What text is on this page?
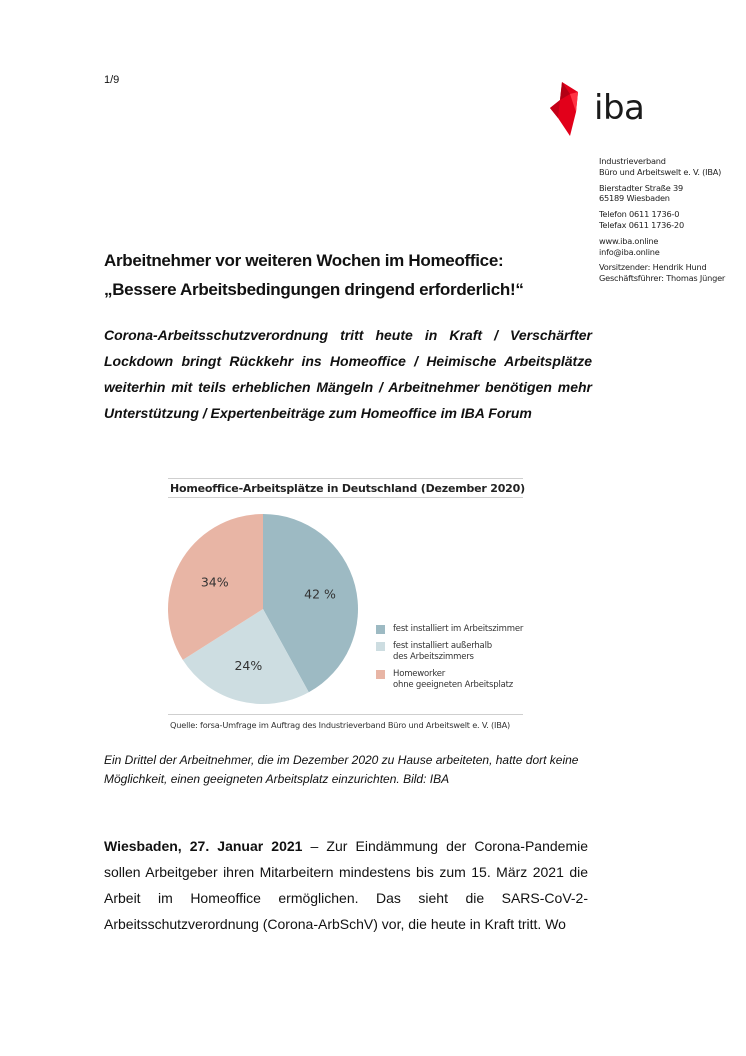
1/9
iba
Industrieverband
Büro und Arbeitswelt e. V. (IBA)
Bierstadter Straße 39
65189 Wiesbaden
Telefon 0611 1736-0
Telefax 0611 1736-20
www.iba.online
info@iba.online
Vorsitzender: Hendrik Hund
Geschäftsführer: Thomas Jünger
Arbeitnehmer vor weiteren Wochen im Homeoffice:
„Bessere Arbeitsbedingungen dringend erforderlich!“
Corona-Arbeitsschutzverordnung tritt heute in Kraft / Verschärfter Lockdown bringt Rückkehr ins Homeoffice / Heimische Arbeitsplätze weiterhin mit teils erheblichen Mängeln / Arbeitnehmer benötigen mehr Unterstützung / Expertenbeiträge zum Homeoffice im IBA Forum
Homeoffice-Arbeitsplätze in Deutschland (Dezember 2020)
42 %
24%
34%
fest installiert im Arbeitszimmer
fest installiert außerhalb
des Arbeitszimmers
Homeworker
ohne geeigneten Arbeitsplatz
Quelle: forsa-Umfrage im Auftrag des Industrieverband Büro und Arbeitswelt e. V. (IBA)
Ein Drittel der Arbeitnehmer, die im Dezember 2020 zu Hause arbeiteten, hatte dort keine Möglichkeit, einen geeigneten Arbeitsplatz einzurichten. Bild: IBA
Wiesbaden, 27. Januar 2021 – Zur Eindämmung der Corona-Pandemie sollen Arbeitgeber ihren Mitarbeitern mindestens bis zum 15. März 2021 die Arbeit im Homeoffice ermöglichen. Das sieht die SARS-CoV-2-Arbeitsschutzverordnung (Corona-ArbSchV) vor, die heute in Kraft tritt. Wo
